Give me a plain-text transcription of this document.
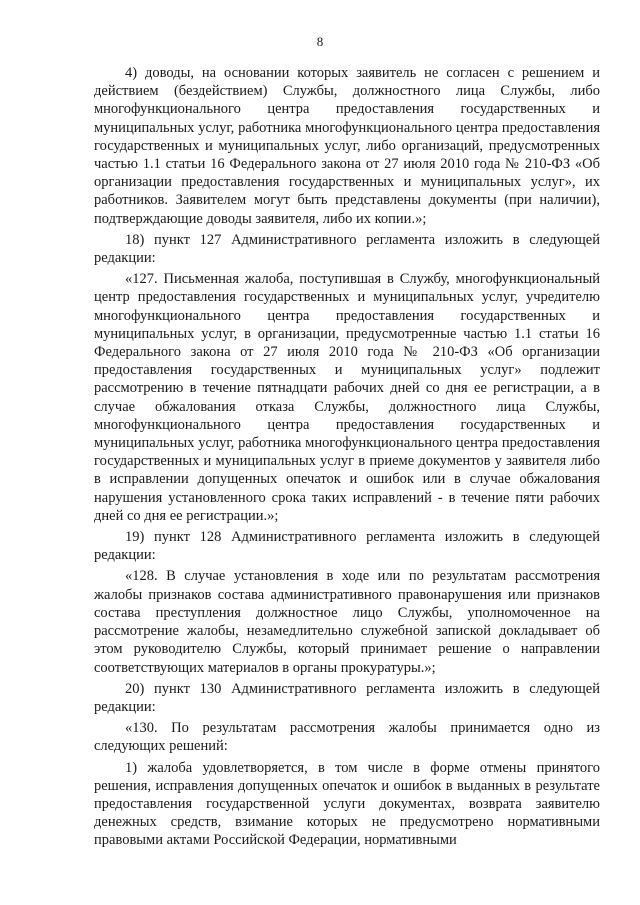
8

4) доводы, на основании которых заявитель не согласен с решением и действием (бездействием) Службы, должностного лица Службы, либо многофункционального центра предоставления государственных и муниципальных услуг, работника многофункционального центра предоставления государственных и муниципальных услуг, либо организаций, предусмотренных частью 1.1 статьи 16 Федерального закона от 27 июля 2010 года № 210-ФЗ «Об организации предоставления государственных и муниципальных услуг», их работников. Заявителем могут быть представлены документы (при наличии), подтверждающие доводы заявителя, либо их копии.»;

18) пункт 127 Административного регламента изложить в следующей редакции:

«127. Письменная жалоба, поступившая в Службу, многофункциональный центр предоставления государственных и муниципальных услуг, учредителю многофункционального центра предоставления государственных и муниципальных услуг, в организации, предусмотренные частью 1.1 статьи 16 Федерального закона от 27 июля 2010 года № 210-ФЗ «Об организации предоставления государственных и муниципальных услуг» подлежит рассмотрению в течение пятнадцати рабочих дней со дня ее регистрации, а в случае обжалования отказа Службы, должностного лица Службы, многофункционального центра предоставления государственных и муниципальных услуг, работника многофункционального центра предоставления государственных и муниципальных услуг в приеме документов у заявителя либо в исправлении допущенных опечаток и ошибок или в случае обжалования нарушения установленного срока таких исправлений - в течение пяти рабочих дней со дня ее регистрации.»;

19) пункт 128 Административного регламента изложить в следующей редакции:

«128. В случае установления в ходе или по результатам рассмотрения жалобы признаков состава административного правонарушения или признаков состава преступления должностное лицо Службы, уполномоченное на рассмотрение жалобы, незамедлительно служебной запиской докладывает об этом руководителю Службы, который принимает решение о направлении соответствующих материалов в органы прокуратуры.»;

20) пункт 130 Административного регламента изложить в следующей редакции:

«130. По результатам рассмотрения жалобы принимается одно из следующих решений:

1) жалоба удовлетворяется, в том числе в форме отмены принятого решения, исправления допущенных опечаток и ошибок в выданных в результате предоставления государственной услуги документах, возврата заявителю денежных средств, взимание которых не предусмотрено нормативными правовыми актами Российской Федерации, нормативными
